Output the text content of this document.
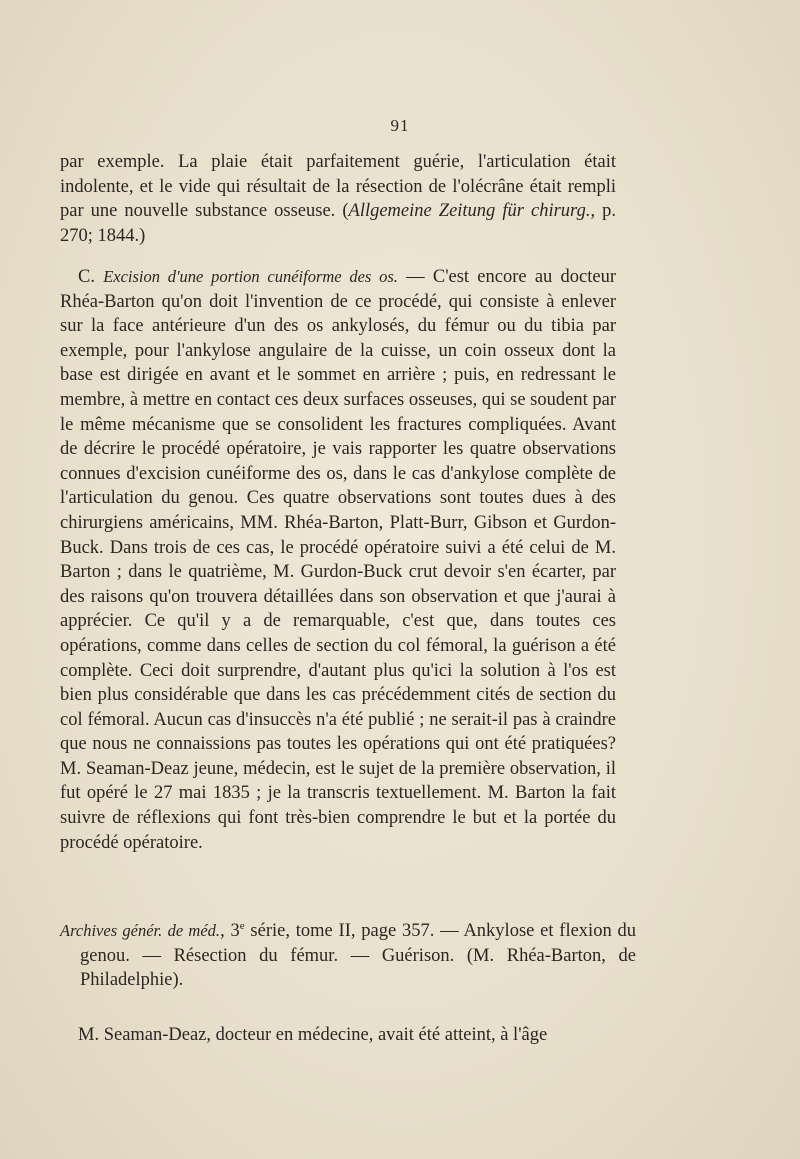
91
par exemple. La plaie était parfaitement guérie, l'articulation était indolente, et le vide qui résultait de la résection de l'olécrâne était rempli par une nouvelle substance osseuse. (Allgemeine Zeitung für chirurg., p. 270; 1844.)
C. Excision d'une portion cunéiforme des os. — C'est encore au docteur Rhéa-Barton qu'on doit l'invention de ce procédé, qui consiste à enlever sur la face antérieure d'un des os ankylosés, du fémur ou du tibia par exemple, pour l'ankylose angulaire de la cuisse, un coin osseux dont la base est dirigée en avant et le sommet en arrière ; puis, en redressant le membre, à mettre en contact ces deux surfaces osseuses, qui se soudent par le même mécanisme que se consolident les fractures compliquées. Avant de décrire le procédé opératoire, je vais rapporter les quatre observations connues d'excision cunéiforme des os, dans le cas d'ankylose complète de l'articulation du genou. Ces quatre observations sont toutes dues à des chirurgiens américains, MM. Rhéa-Barton, Platt-Burr, Gibson et Gurdon-Buck. Dans trois de ces cas, le procédé opératoire suivi a été celui de M. Barton ; dans le quatrième, M. Gurdon-Buck crut devoir s'en écarter, par des raisons qu'on trouvera détaillées dans son observation et que j'aurai à apprécier. Ce qu'il y a de remarquable, c'est que, dans toutes ces opérations, comme dans celles de section du col fémoral, la guérison a été complète. Ceci doit surprendre, d'autant plus qu'ici la solution à l'os est bien plus considérable que dans les cas précédemment cités de section du col fémoral. Aucun cas d'insuccès n'a été publié ; ne serait-il pas à craindre que nous ne connaissions pas toutes les opérations qui ont été pratiquées? M. Seaman-Deaz jeune, médecin, est le sujet de la première observation, il fut opéré le 27 mai 1835 ; je la transcris textuellement. M. Barton la fait suivre de réflexions qui font très-bien comprendre le but et la portée du procédé opératoire.
Archives génér. de méd., 3e série, tome II, page 357. — Ankylose et flexion du genou. — Résection du fémur. — Guérison. (M. Rhéa-Barton, de Philadelphie).
M. Seaman-Deaz, docteur en médecine, avait été atteint, à l'âge
